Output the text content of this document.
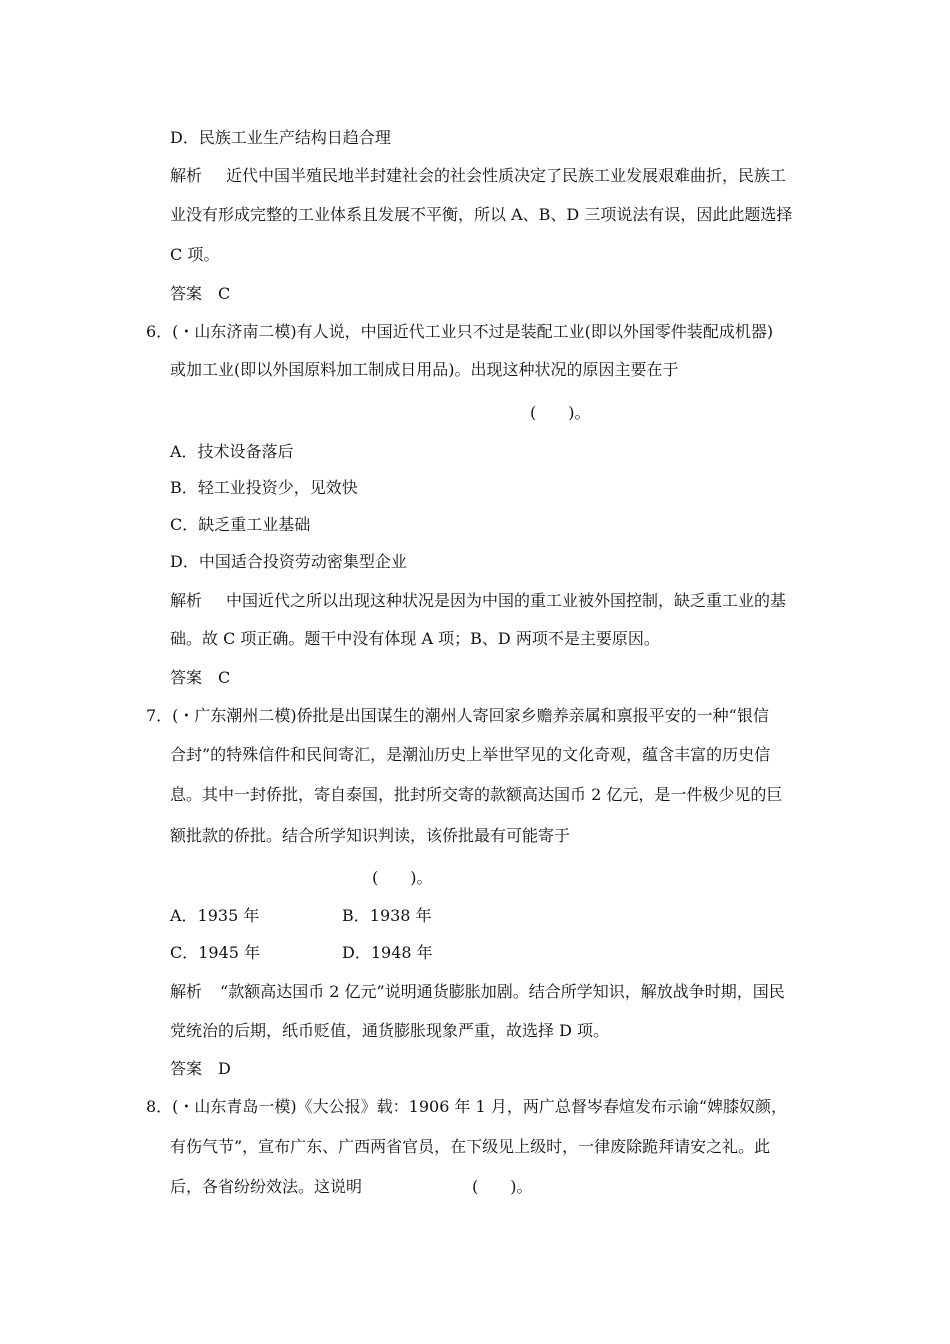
D．民族工业生产结构日趋合理
解析 近代中国半殖民地半封建社会的社会性质决定了民族工业发展艰难曲折，民族工
业没有形成完整的工业体系且发展不平衡，所以 A、B、D 三项说法有误，因此此题选择
C 项。
答案 C
6．(・山东济南二模)有人说，中国近代工业只不过是装配工业(即以外国零件装配成机器)
或加工业(即以外国原料加工制成日用品)。出现这种状况的原因主要在于
(　　)。
A．技术设备落后
B．轻工业投资少，见效快
C．缺乏重工业基础
D．中国适合投资劳动密集型企业
解析 中国近代之所以出现这种状况是因为中国的重工业被外国控制，缺乏重工业的基
础。故 C 项正确。题干中没有体现 A 项；B、D 两项不是主要原因。
答案 C
7．(・广东潮州二模)侨批是出国谋生的潮州人寄回家乡赡养亲属和禀报平安的一种“银信
合封”的特殊信件和民间寄汇，是潮汕历史上举世罕见的文化奇观，蕴含丰富的历史信
息。其中一封侨批，寄自泰国，批封所交寄的款额高达国币 2 亿元，是一件极少见的巨
额批款的侨批。结合所学知识判读，该侨批最有可能寄于
(　　)。
A．1935 年	B．1938 年
C．1945 年	D．1948 年
解析 “款额高达国币 2 亿元”说明通货膨胀加剧。结合所学知识，解放战争时期，国民
党统治的后期，纸币贬值，通货膨胀现象严重，故选择 D 项。
答案 D
8．(・山东青岛一模)《大公报》载：1906 年 1 月，两广总督岑春煊发布示谕“婢膝奴颜，
有伤气节”，宣布广东、广西两省官员，在下级见上级时，一律废除跪拜请安之礼。此
后，各省纷纷效法。这说明	(　　)。
